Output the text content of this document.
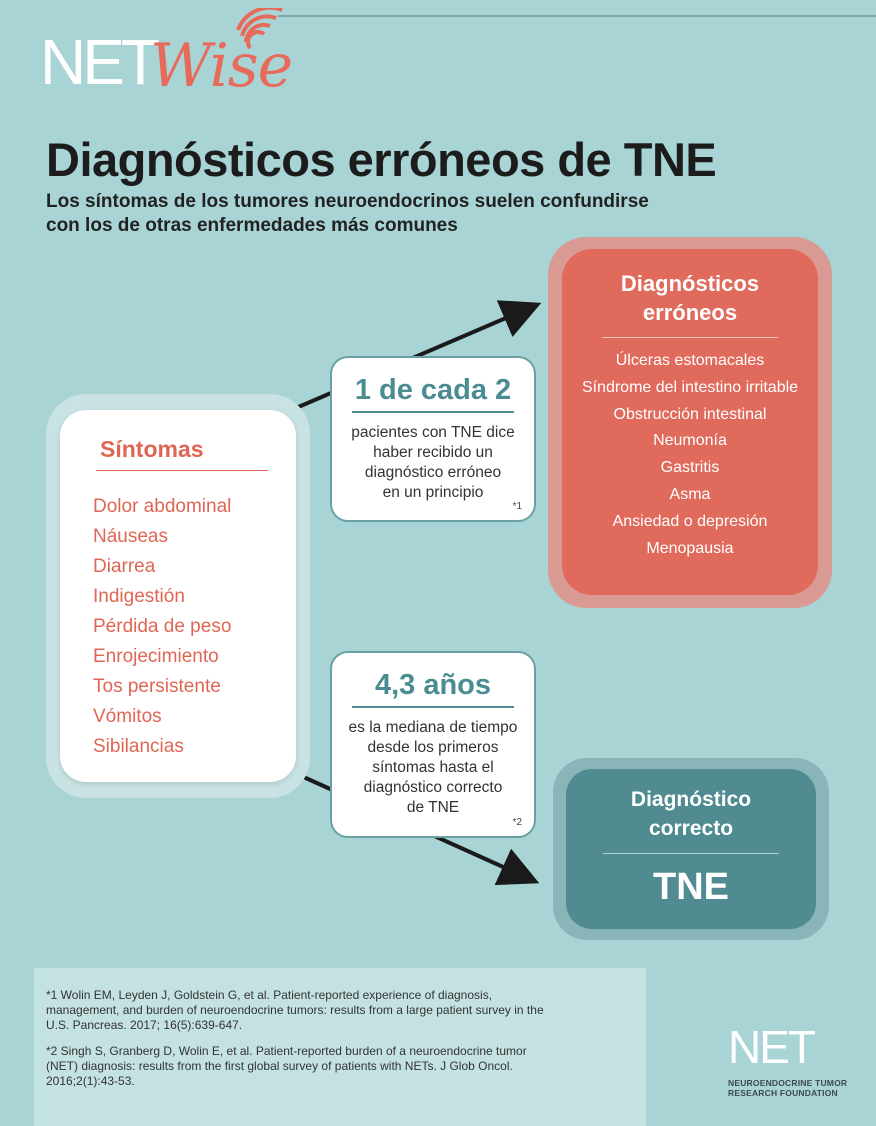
NET
Wise
Diagnósticos erróneos de TNE
Los síntomas de los tumores neuroendocrinos suelen confundirse
con los de otras enfermedades más comunes
Síntomas
Dolor abdominal
Náuseas
Diarrea
Indigestión
Pérdida de peso
Enrojecimiento
Tos persistente
Vómitos
Sibilancias
1 de cada 2
pacientes con TNE dice
haber recibido un
diagnóstico erróneo
en un principio
*1
4,3 años
es la mediana de tiempo
desde los primeros
síntomas hasta el
diagnóstico correcto
de TNE
*2
Diagnósticos
erróneos
Úlceras estomacales
Síndrome del intestino irritable
Obstrucción intestinal
Neumonía
Gastritis
Asma
Ansiedad o depresión
Menopausia
Diagnóstico
correcto
TNE
*1 Wolin EM, Leyden J, Goldstein G, et al. Patient-reported experience of diagnosis,
management, and burden of neuroendocrine tumors: results from a large patient survey in the
U.S. Pancreas. 2017; 16(5):639-647.
*2 Singh S, Granberg D, Wolin E, et al. Patient-reported burden of a neuroendocrine tumor
(NET) diagnosis: results from the first global survey of patients with NETs. J Glob Oncol.
2016;2(1):43-53.
NET
NEUROENDOCRINE TUMOR
RESEARCH FOUNDATION
